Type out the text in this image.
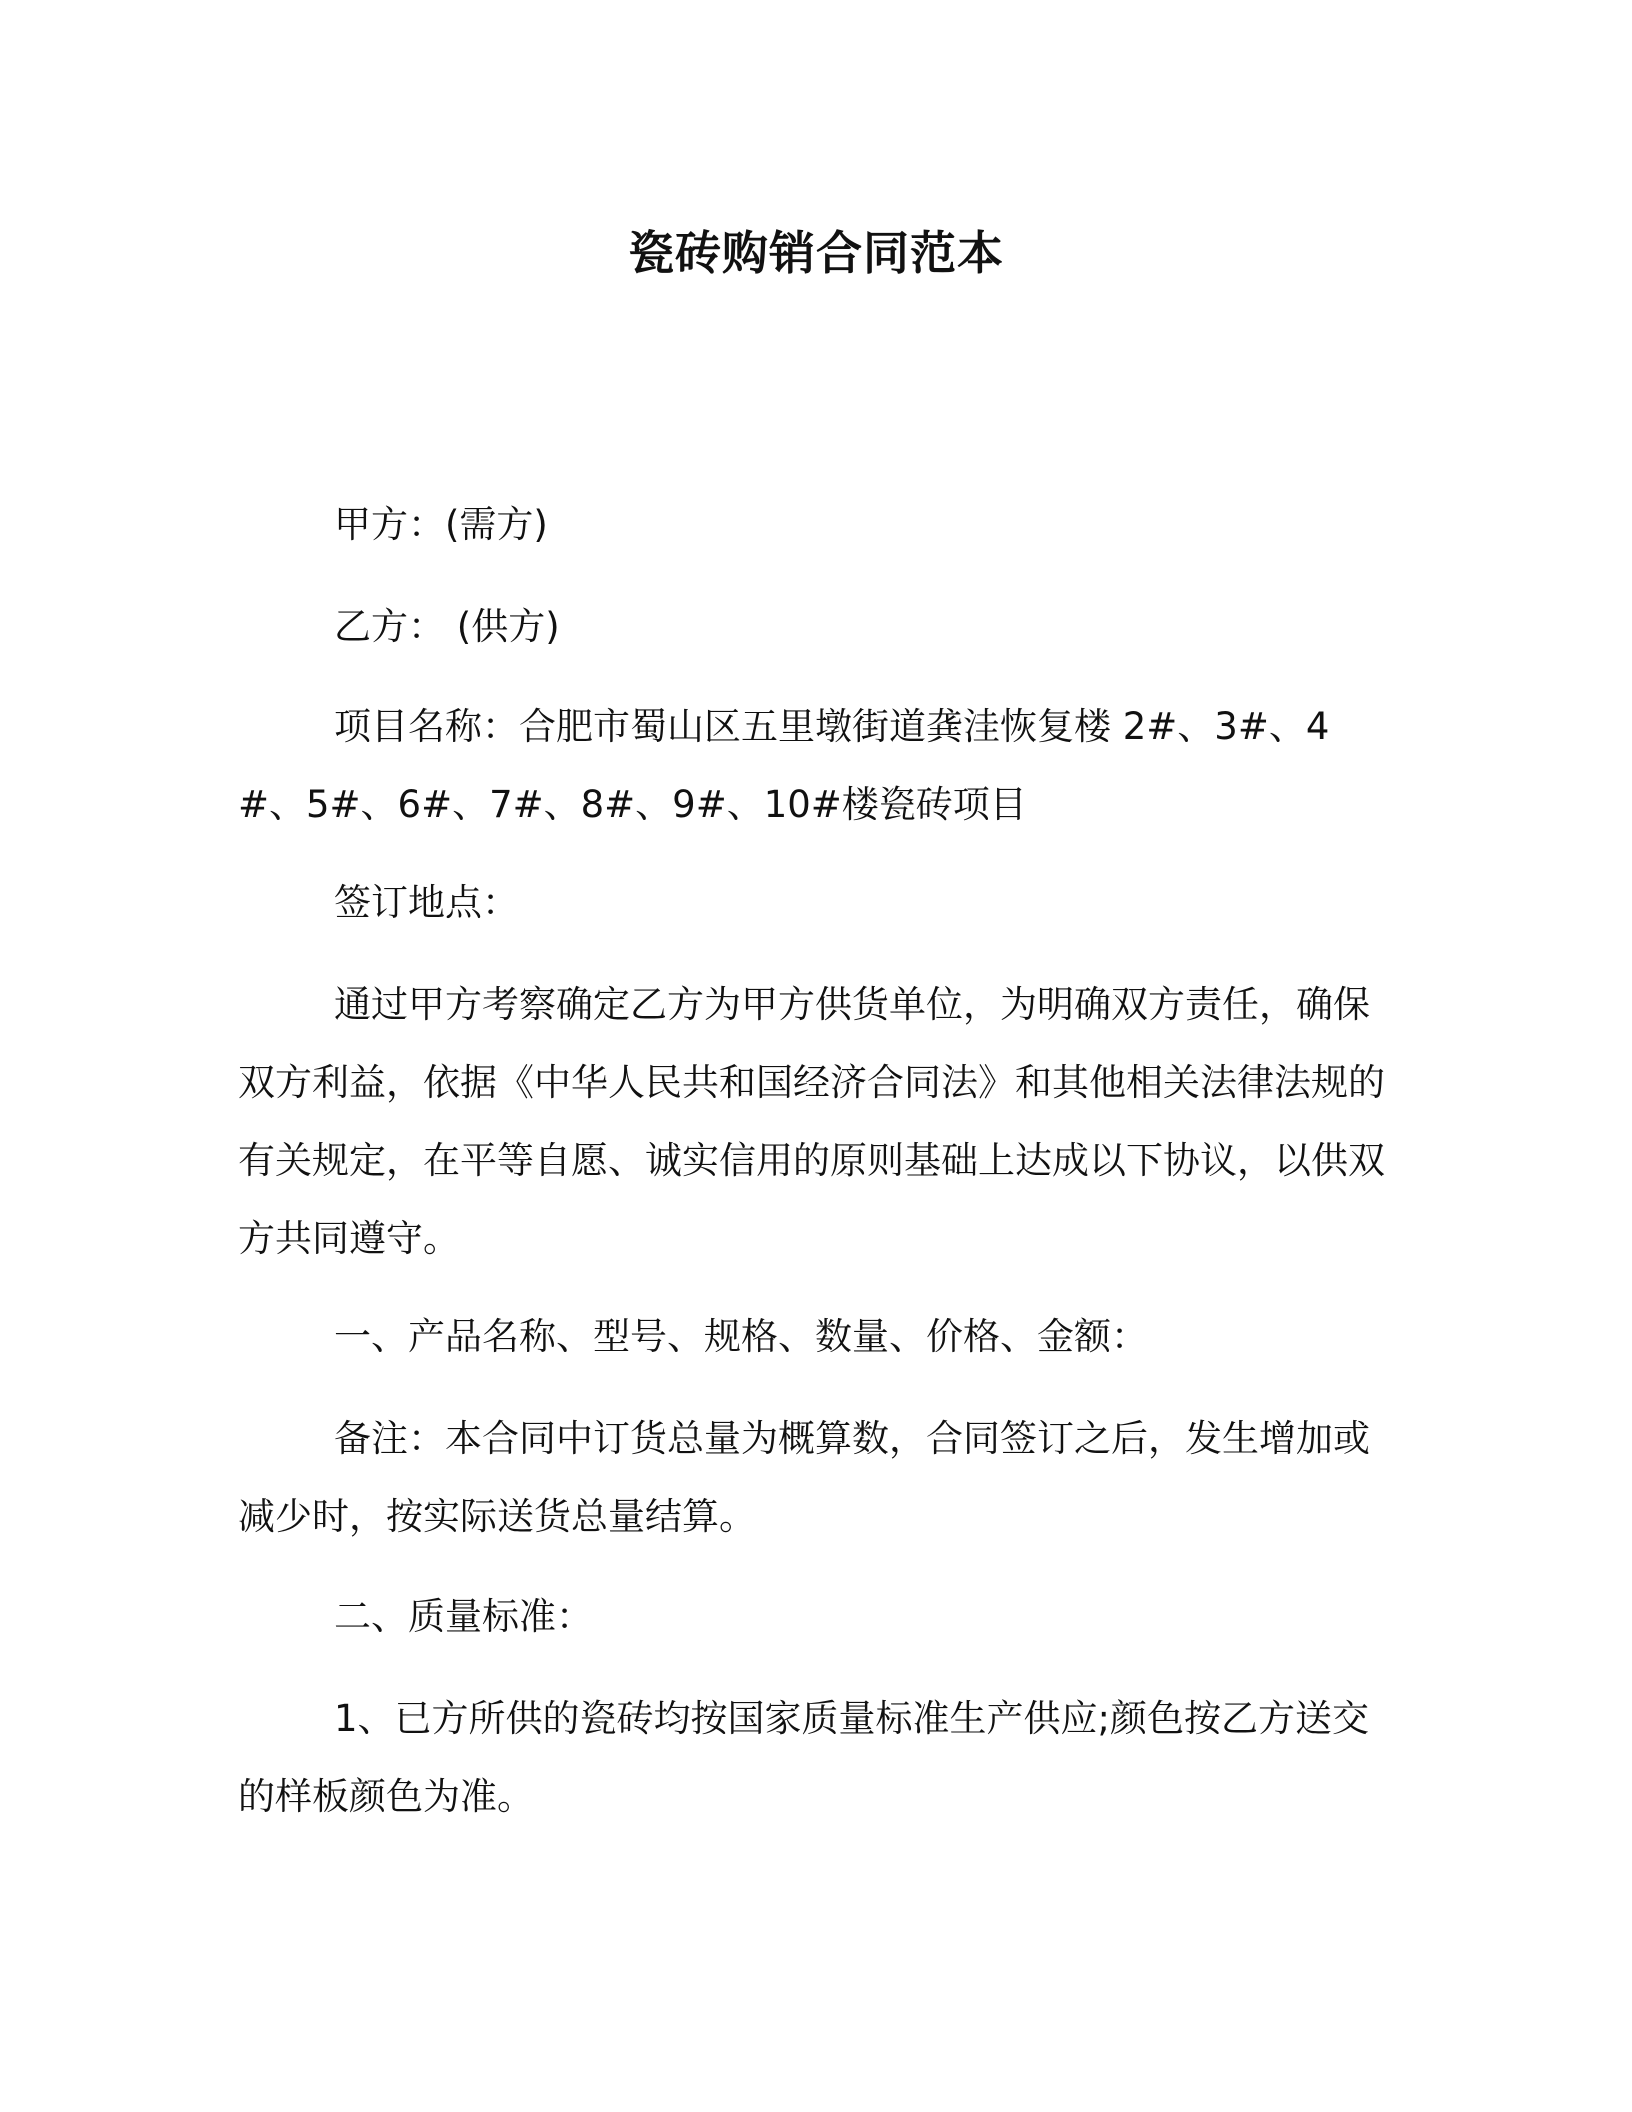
瓷砖购销合同范本

甲方：(需方)

乙方： (供方)

项目名称：合肥市蜀山区五里墩街道龚洼恢复楼 2#、3#、4#、5#、6#、7#、8#、9#、10#楼瓷砖项目

签订地点：

通过甲方考察确定乙方为甲方供货单位，为明确双方责任，确保双方利益，依据《中华人民共和国经济合同法》和其他相关法律法规的有关规定，在平等自愿、诚实信用的原则基础上达成以下协议，以供双方共同遵守。

一、产品名称、型号、规格、数量、价格、金额：

备注：本合同中订货总量为概算数，合同签订之后，发生增加或减少时，按实际送货总量结算。

二、质量标准：

1、已方所供的瓷砖均按国家质量标准生产供应;颜色按乙方送交的样板颜色为准。
